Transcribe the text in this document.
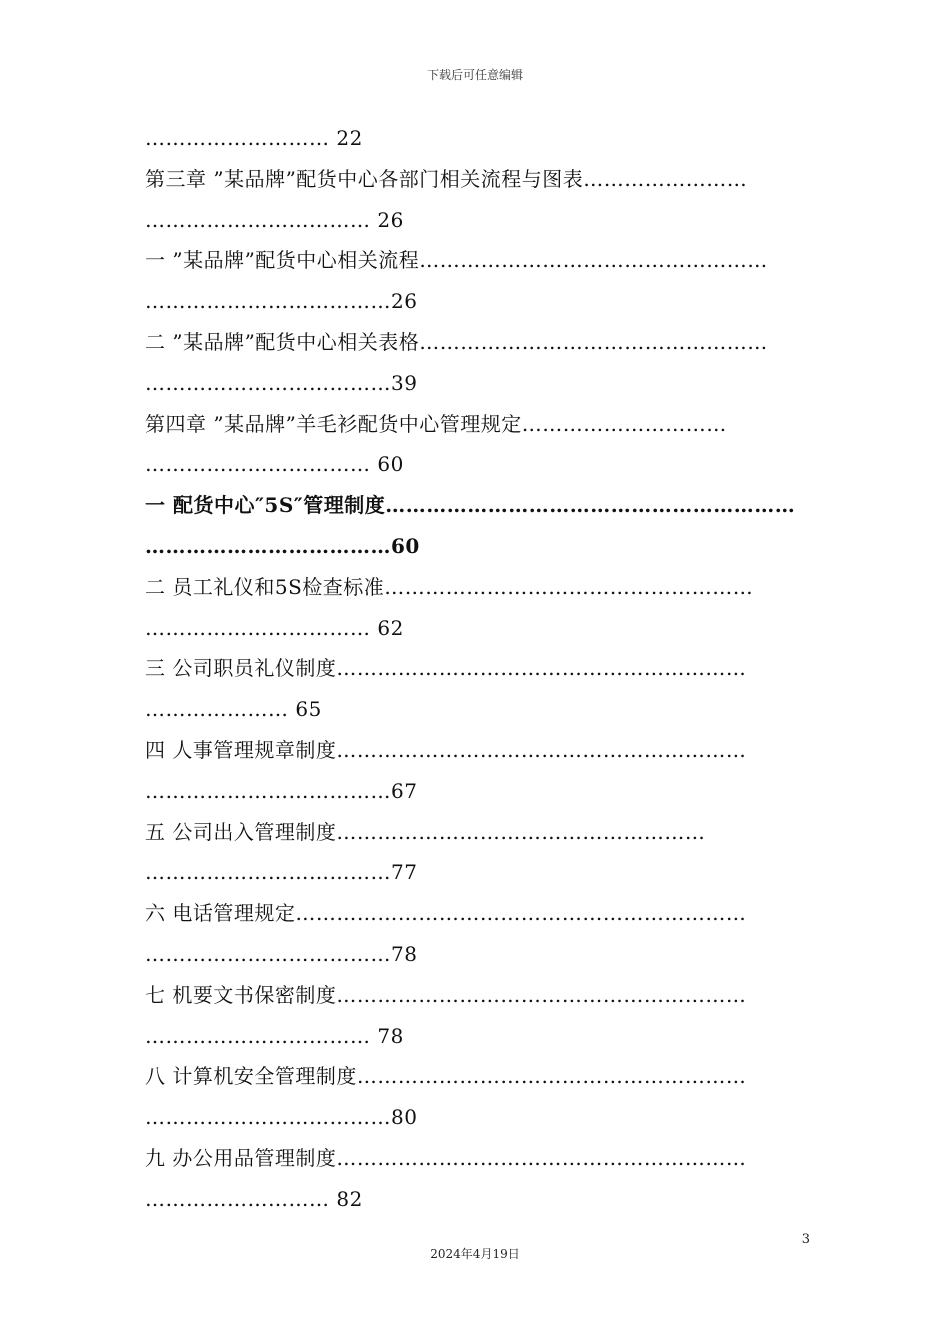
下载后可任意编辑
……………………… 22
第三章 ”某品牌”配货中心各部门相关流程与图表……………………
…………………………… 26
一 ”某品牌”配货中心相关流程……………………………………………
………………………………26
二 ”某品牌”配货中心相关表格……………………………………………
………………………………39
第四章 ”某品牌”羊毛衫配货中心管理规定…………………………
…………………………… 60
一 配货中心″5S″管理制度……………………………………………………
………………………………60
二 员工礼仪和5S检查标准………………………………………………
…………………………… 62
三 公司职员礼仪制度……………………………………………………
………………… 65
四 人事管理规章制度……………………………………………………
………………………………67
五 公司出入管理制度………………………………………………
………………………………77
六 电话管理规定…………………………………………………………
………………………………78
七 机要文书保密制度……………………………………………………
…………………………… 78
八 计算机安全管理制度…………………………………………………
………………………………80
九 办公用品管理制度……………………………………………………
……………………… 82
3
2024年4月19日
